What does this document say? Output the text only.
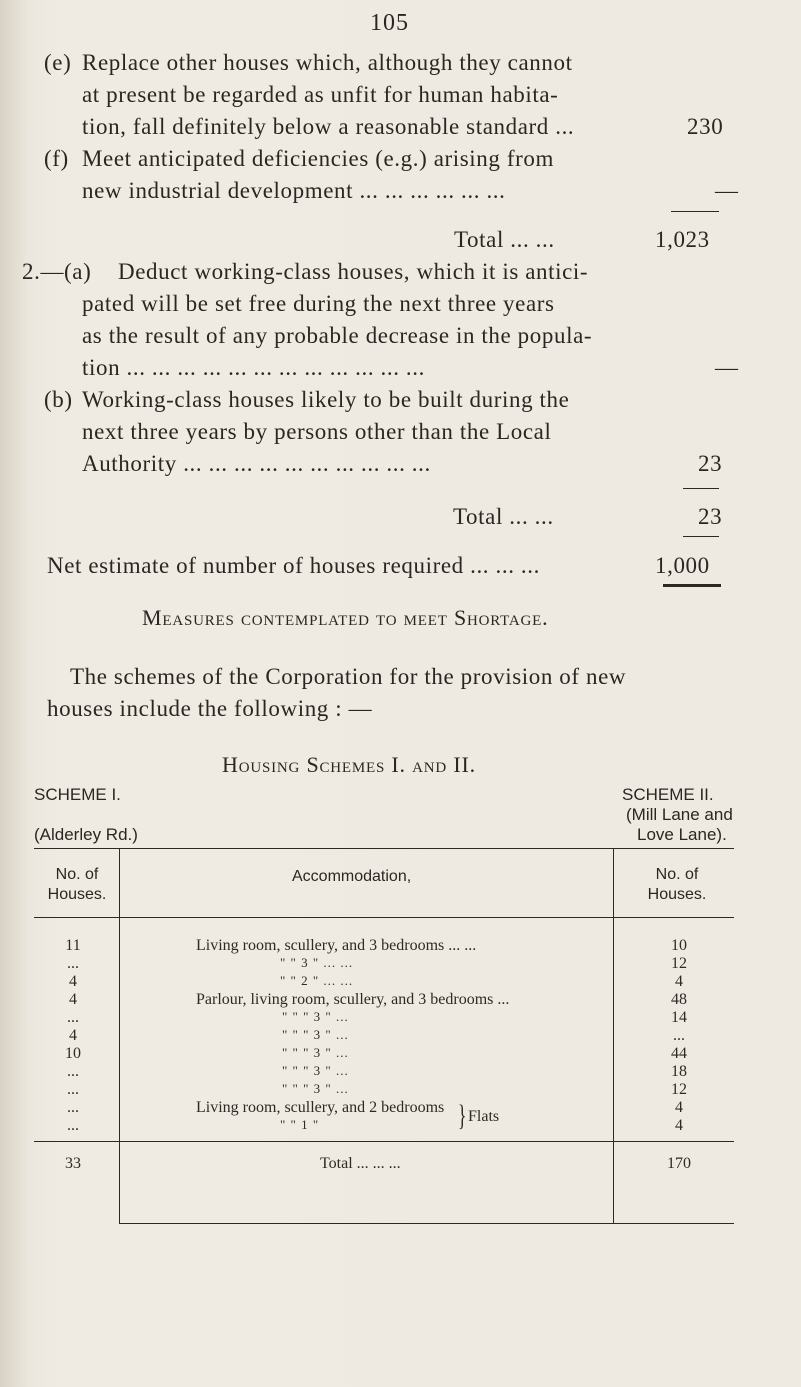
105
(e) Replace other houses which, although they cannot
at present be regarded as unfit for human habita-
tion, fall definitely below a reasonable standard ...	230
(f) Meet anticipated deficiencies (e.g.) arising from
new industrial development ... ... ... ... ... ...	—
Total ... ...	1,023
2.—(a) Deduct working-class houses, which it is antici-
pated will be set free during the next three years
as the result of any probable decrease in the popula-
tion ... ... ... ... ... ... ... ... ... ... ... ...	—
(b) Working-class houses likely to be built during the
next three years by persons other than the Local
Authority ... ... ... ... ... ... ... ... ... ...	23
Total ... ...	23
Net estimate of number of houses required ... ... ...	1,000
Measures contemplated to meet Shortage.
The schemes of the Corporation for the provision of new
houses include the following : —
Housing Schemes I. and II.
SCHEME I.
(Alderley Rd.)
SCHEME II.
(Mill Lane and
Love Lane).
No. of
Houses.
Accommodation,	No. of
Houses.
11	Living room, scullery, and 3 bedrooms ... ...	10
...	" " 3 " ... ...	12
4	" " 2 " ... ...	4
4	Parlour, living room, scullery, and 3 bedrooms ...	48
...	" " " 3 " ...	14
4	" " " 3 " ...	...
10	" " " 3 " ...	44
...	" " " 3 " ...	18
...	" " " 3 " ...	12
...	Living room, scullery, and 2 bedrooms	4
...	" " 1 "	4
} Flats
33	Total ... ... ...	170
